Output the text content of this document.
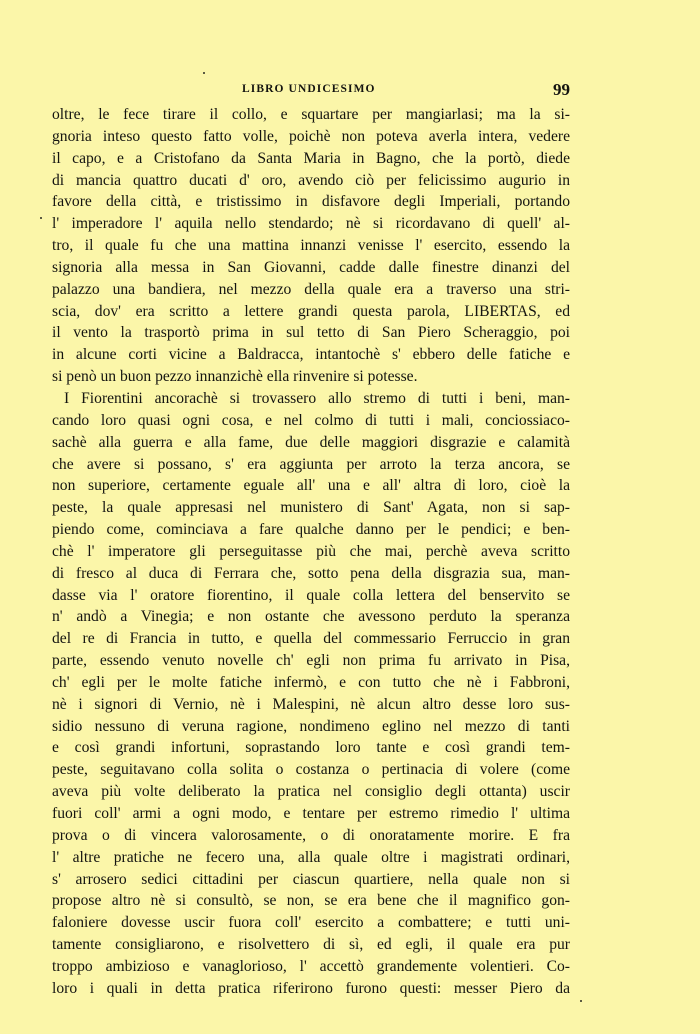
LIBRO UNDICESIMO	99
oltre, le fece tirare il collo, e squartare per mangiarlasi; ma la si-
gnoria inteso questo fatto volle, poichè non poteva averla intera, vedere
il capo, e a Cristofano da Santa Maria in Bagno, che la portò, diede
di mancia quattro ducati d' oro, avendo ciò per felicissimo augurio in
favore della città, e tristissimo in disfavore degli Imperiali, portando
l' imperadore l' aquila nello stendardo; nè si ricordavano di quell' al-
tro, il quale fu che una mattina innanzi venisse l' esercito, essendo la
signoria alla messa in San Giovanni, cadde dalle finestre dinanzi del
palazzo una bandiera, nel mezzo della quale era a traverso una stri-
scia, dov' era scritto a lettere grandi questa parola, LIBERTAS, ed
il vento la trasportò prima in sul tetto di San Piero Scheraggio, poi
in alcune corti vicine a Baldracca, intantochè s' ebbero delle fatiche e
si penò un buon pezzo innanzichè ella rinvenire si potesse.
I Fiorentini ancorachè si trovassero allo stremo di tutti i beni, man-
cando loro quasi ogni cosa, e nel colmo di tutti i mali, conciossiaco-
sachè alla guerra e alla fame, due delle maggiori disgrazie e calamità
che avere si possano, s' era aggiunta per arroto la terza ancora, se
non superiore, certamente eguale all' una e all' altra di loro, cioè la
peste, la quale appresasi nel munistero di Sant' Agata, non si sap-
piendo come, cominciava a fare qualche danno per le pendici; e ben-
chè l' imperatore gli perseguitasse più che mai, perchè aveva scritto
di fresco al duca di Ferrara che, sotto pena della disgrazia sua, man-
dasse via l' oratore fiorentino, il quale colla lettera del benservito se
n' andò a Vinegia; e non ostante che avessono perduto la speranza
del re di Francia in tutto, e quella del commessario Ferruccio in gran
parte, essendo venuto novelle ch' egli non prima fu arrivato in Pisa,
ch' egli per le molte fatiche infermò, e con tutto che nè i Fabbroni,
nè i signori di Vernio, nè i Malespini, nè alcun altro desse loro sus-
sidio nessuno di veruna ragione, nondimeno eglino nel mezzo di tanti
e così grandi infortuni, soprastando loro tante e così grandi tem-
peste, seguitavano colla solita o costanza o pertinacia di volere (come
aveva più volte deliberato la pratica nel consiglio degli ottanta) uscir
fuori coll' armi a ogni modo, e tentare per estremo rimedio l' ultima
prova o di vincera valorosamente, o di onoratamente morire. E fra
l' altre pratiche ne fecero una, alla quale oltre i magistrati ordinari,
s' arrosero sedici cittadini per ciascun quartiere, nella quale non si
propose altro nè si consultò, se non, se era bene che il magnifico gon-
faloniere dovesse uscir fuora coll' esercito a combattere; e tutti uni-
tamente consigliarono, e risolvettero di sì, ed egli, il quale era pur
troppo ambizioso e vanaglorioso, l' accettò grandemente volentieri. Co-
loro i quali in detta pratica riferirono furono questi: messer Piero da
